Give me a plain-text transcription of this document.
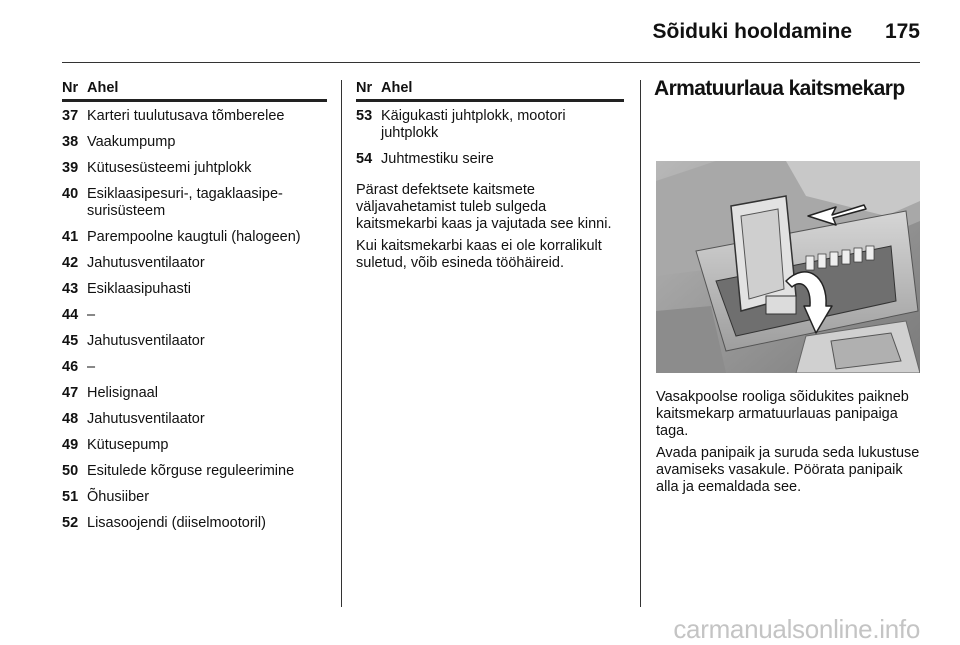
Sõiduki hooldamine 175
Nr Ahel
37 Karteri tuulutusava tõmberelee
38 Vaakumpump
39 Kütusesüsteemi juhtplokk
40 Esiklaasipesuri-, tagaklaasipe-surisüsteem
41 Parempoolne kaugtuli (halogeen)
42 Jahutusventilaator
43 Esiklaasipuhasti
44 –
45 Jahutusventilaator
46 –
47 Helisignaal
48 Jahutusventilaator
49 Kütusepump
50 Esitulede kõrguse reguleerimine
51 Õhusiiber
52 Lisasoojendi (diiselmootoril)
Nr Ahel
53 Käigukasti juhtplokk, mootori juhtplokk
54 Juhtmestiku seire

Pärast defektsete kaitsmete väljavahetamist tuleb sulgeda kaitsmekarbi kaas ja vajutada see kinni.

Kui kaitsmekarbi kaas ei ole korralikult suletud, võib esineda tööhäireid.

Armatuurlaua kaitsmekarp

Vasakpoolse rooliga sõidukites paikneb kaitsmekarp armatuurlauas panipaiga taga.

Avada panipaik ja suruda seda lukustuse avamiseks vasakule. Pöörata panipaik alla ja eemaldada see.

carmanualsonline.info
